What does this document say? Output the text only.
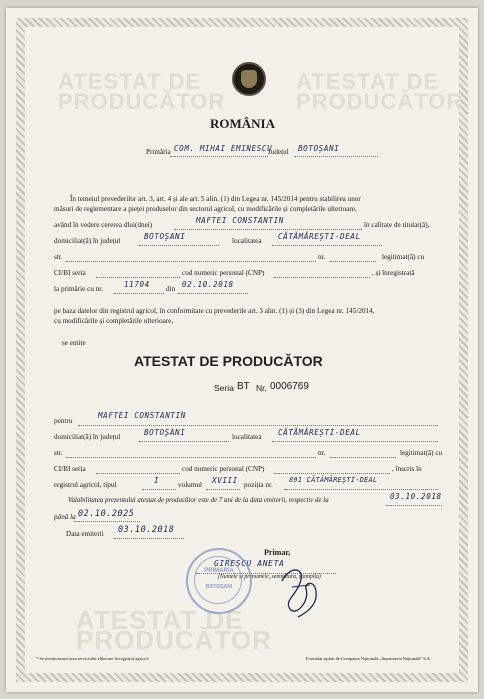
ATESTAT DE PRODUCĂTOR
ATESTAT DE PRODUCĂTOR
ATESTAT DE PRODUCĂTOR
ROMÂNIA
Primăria COM. MIHAI EMINESCU
Județul BOTOȘANI
În temeiul prevederilor art. 3, art. 4 și ale art. 5 alin. (1) din Legea nr. 145/2014 pentru stabilirea unor
măsuri de reglementare a pieței produselor din sectorul agricol, cu modificările și completările ulterioare,
având în vedere cererea dlui(dnei)	MAFTEI CONSTANTIN	în calitate de titular(ă),
domiciliat(ă) în județul	BOTOȘANI	localitatea CĂTĂMĂREȘTI-DEAL
str.	nr.	legitimat(ă) cu
CI/BI seria	cod numeric personal (CNP)	, și înregistrată
la primărie cu nr.	11704 din 02.10.2018
pe baza datelor din registrul agricol, în conformitate cu prevederile art. 3 alin. (1) și (3) din Legea nr. 145/2014,
cu modificările și completările ulterioare,
se emite
ATESTAT DE PRODUCĂTOR
Seria BT Nr. 0006769
pentru
MAFTEI CONSTANTIN
domiciliat(ă) în județul	BOTOȘANI	localitatea CĂTĂMĂREȘTI-DEAL
str.	nr.	legitimat(ă) cu
CI/BI seria	cod numeric personal (CNP)	, înscris în
registrul agricol, tipul	I	volumul XVIII poziția nr.
891 CĂTĂMĂREȘTI-DEAL
Valabilitatea prezentului atestat de producător este de 7 ani de la data emiterii, respectiv de la	03.10.2018
până la 02.10.2025
Data emiterii 03.10.2018
Primar,
GIRESCU ANETA
(Numele și prenumele, semnătura, ștampila)
PRIMARIA
BOTOȘANI
* Se menționează taxa serviciului eliberare în registrul agricol.	Formular tipărit de Compania Națională „Imprimeria Națională" S.A.
